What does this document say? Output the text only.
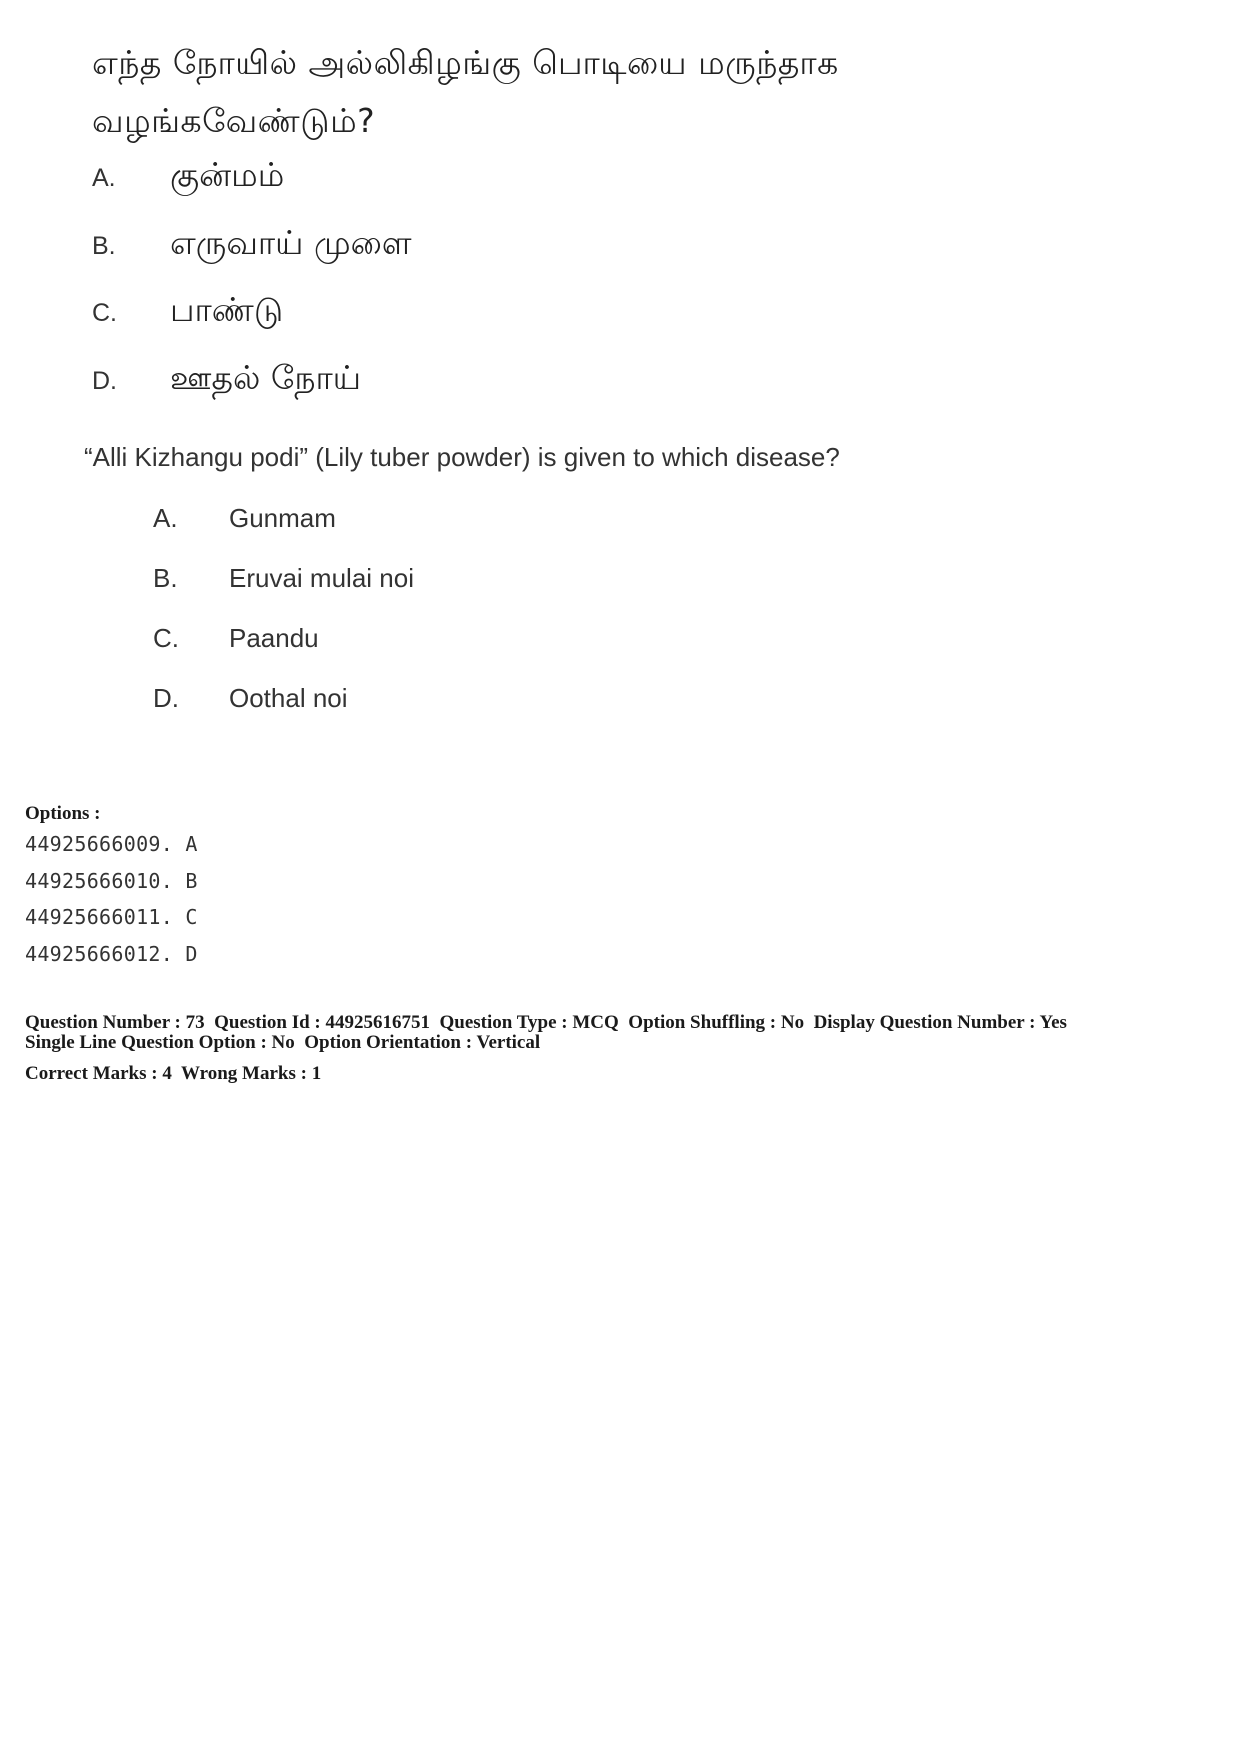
எந்த நோயில் அல்லிகிழங்கு பொடியை மருந்தாக
வழங்கவேண்டும்?
A. குன்மம்
B. எருவாய் முளை
C. பாண்டு
D. ஊதல் நோய்
“Alli Kizhangu podi” (Lily tuber powder) is given to which disease?
A. Gunmam
B. Eruvai mulai noi
C. Paandu
D. Oothal noi
Options :
44925666009. A
44925666010. B
44925666011. C
44925666012. D
Question Number : 73  Question Id : 44925616751  Question Type : MCQ  Option Shuffling : No  Display Question Number : Yes
Single Line Question Option : No  Option Orientation : Vertical
Correct Marks : 4  Wrong Marks : 1
